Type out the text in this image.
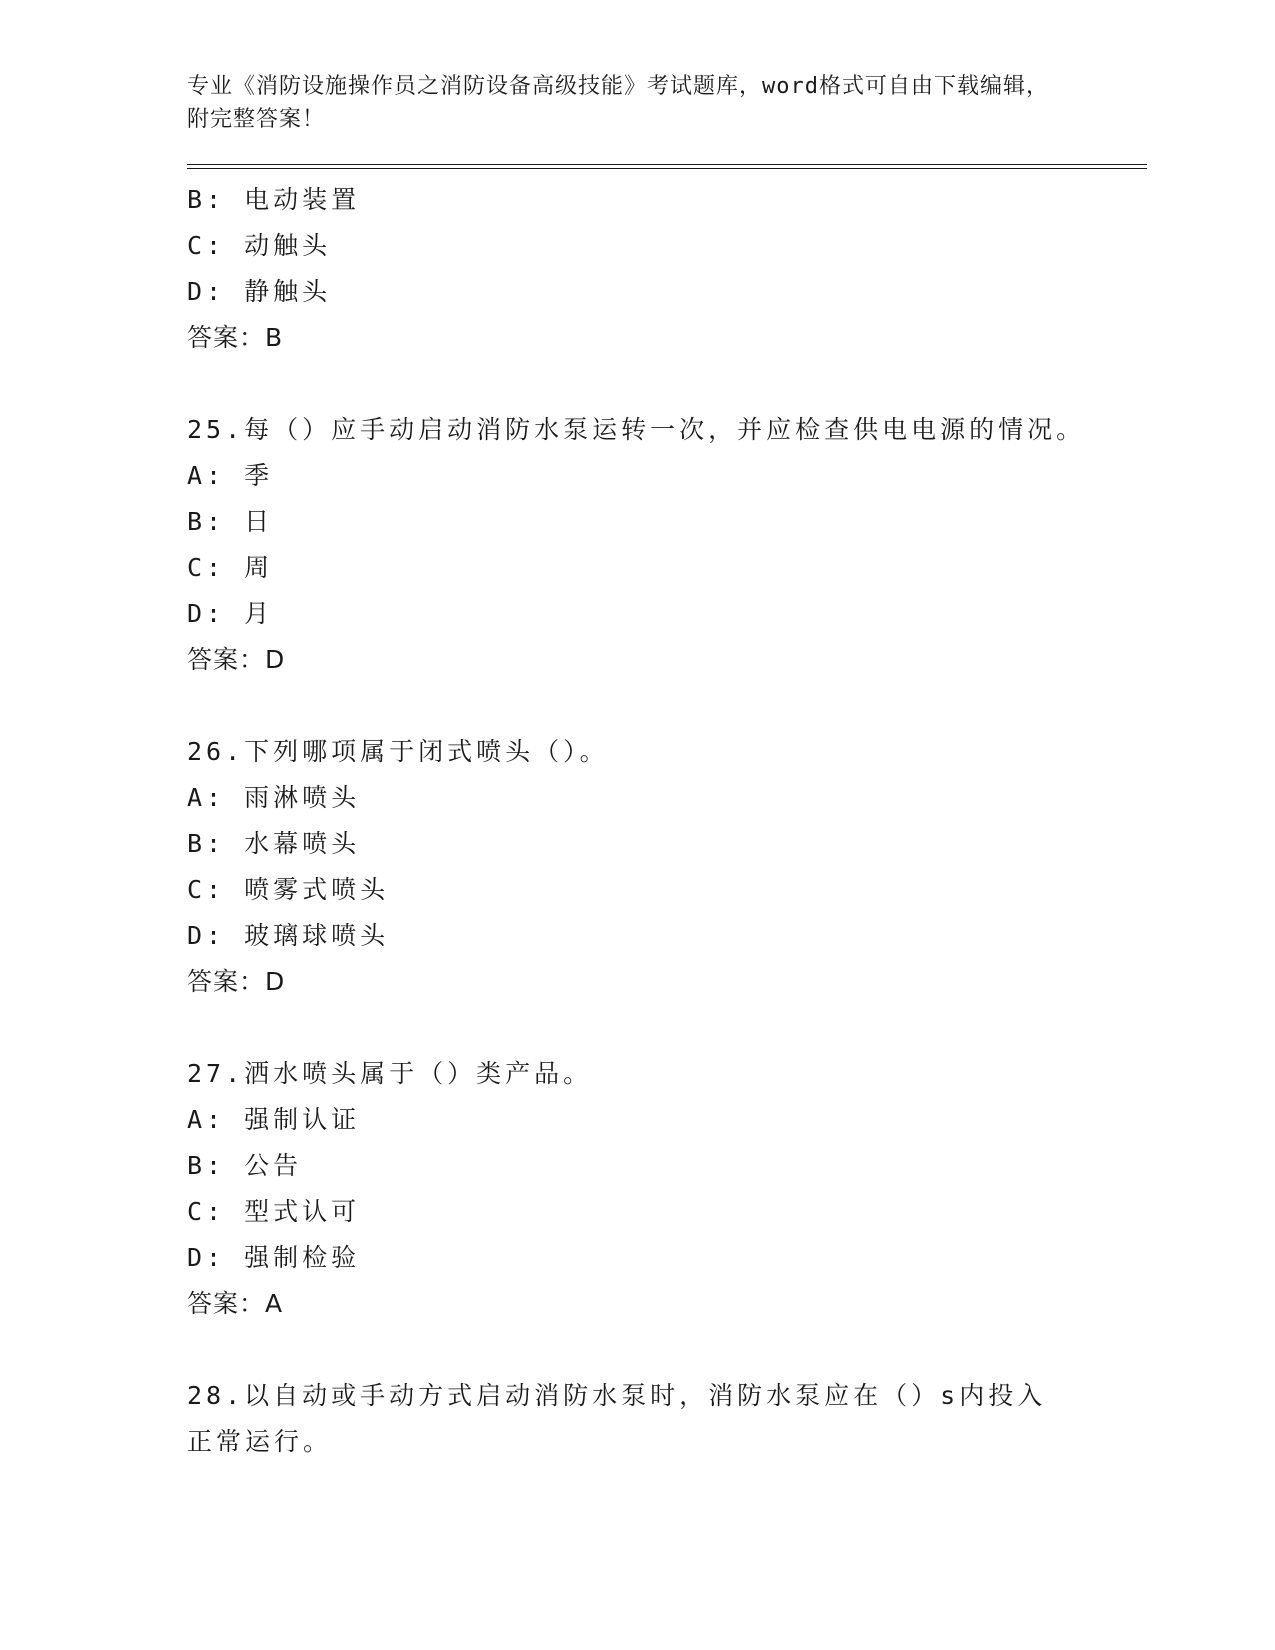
专业《消防设施操作员之消防设备高级技能》考试题库，word格式可自由下载编辑，附完整答案！
B: 电动装置
C: 动触头
D: 静触头
答案：B
25.每（）应手动启动消防水泵运转一次，并应检查供电电源的情况。
A: 季
B: 日
C: 周
D: 月
答案：D
26.下列哪项属于闭式喷头（）。
A: 雨淋喷头
B: 水幕喷头
C: 喷雾式喷头
D: 玻璃球喷头
答案：D
27.洒水喷头属于（）类产品。
A: 强制认证
B: 公告
C: 型式认可
D: 强制检验
答案：A
28.以自动或手动方式启动消防水泵时，消防水泵应在（）s内投入正常运行。
